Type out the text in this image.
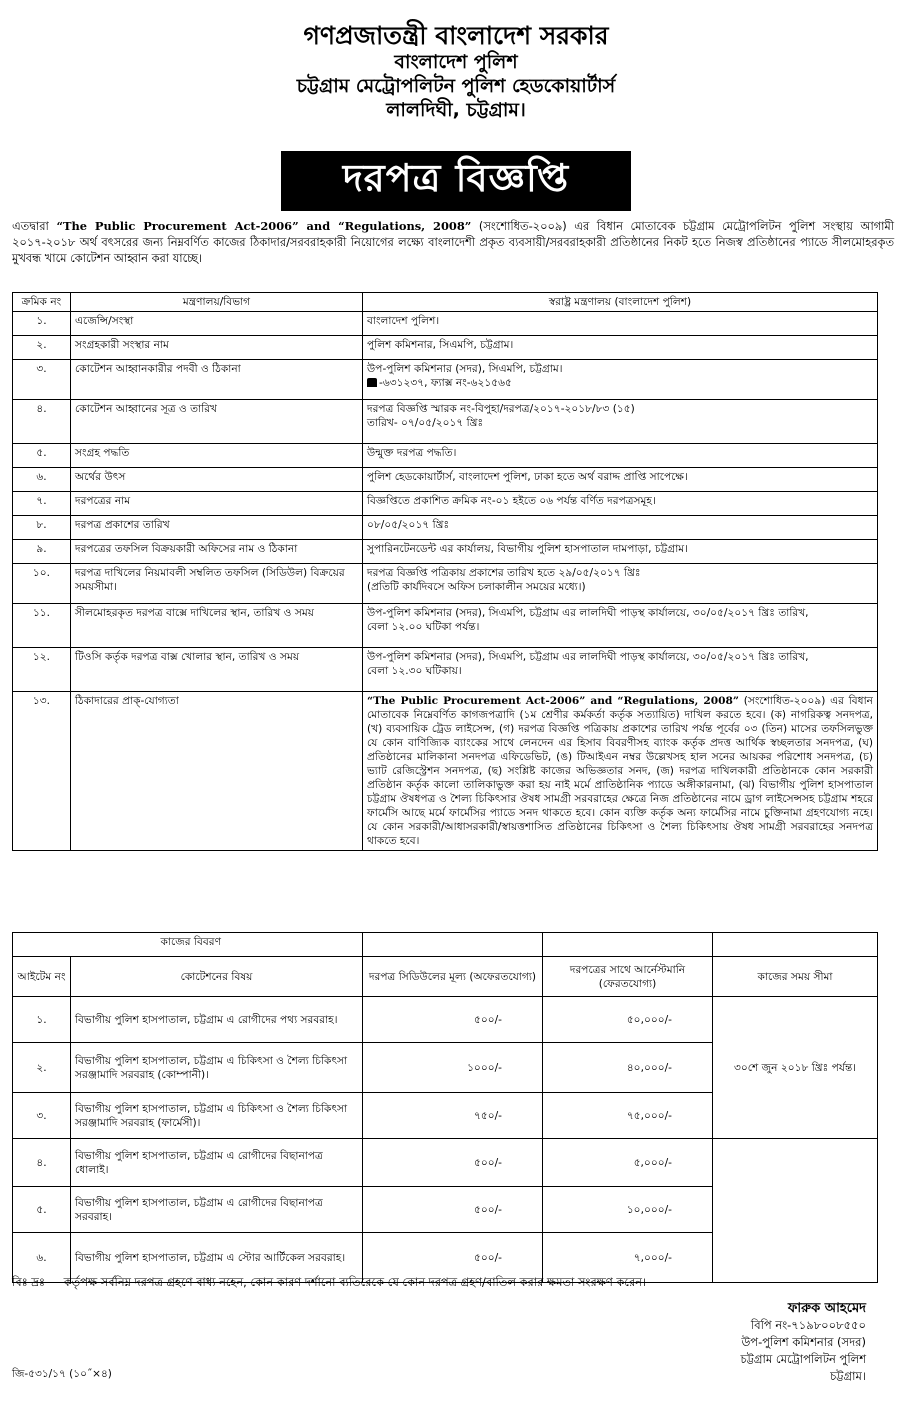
গণপ্রজাতন্ত্রী বাংলাদেশ সরকার
বাংলাদেশ পুলিশ
চট্টগ্রাম মেট্রোপলিটন পুলিশ হেডকোয়ার্টার্স
লালদিঘী, চট্টগ্রাম।
দরপত্র বিজ্ঞপ্তি
এতদ্বারা “The Public Procurement Act-2006” and “Regulations, 2008” (সংশোধিত-২০০৯) এর বিধান মোতাবেক চট্টগ্রাম মেট্রোপলিটন পুলিশ সংস্থায় আগামী ২০১৭-২০১৮ অর্থ বৎসরের জন্য নিম্নবর্ণিত কাজের ঠিকাদার/সরবরাহকারী নিয়োগের লক্ষ্যে বাংলাদেশী প্রকৃত ব্যবসায়ী/সরবরাহকারী প্রতিষ্ঠানের নিকট হতে নিজস্ব প্রতিষ্ঠানের প্যাডে সীলমোহরকৃত মুখবন্ধ খামে কোটেশন আহ্বান করা যাচ্ছে।
ক্রমিক নং	মন্ত্রণালয়/বিভাগ	স্বরাষ্ট্র মন্ত্রণালয় (বাংলাদেশ পুলিশ)
১.	এজেন্সি/সংস্থা	বাংলাদেশ পুলিশ।
২.	সংগ্রহকারী সংস্থার নাম	পুলিশ কমিশনার, সিএমপি, চট্টগ্রাম।
৩.	কোটেশন আহ্বানকারীর পদবী ও ঠিকানা	উপ-পুলিশ কমিশনার (সদর), সিএমপি, চট্টগ্রাম।
-৬৩১২৩৭, ফ্যাক্স নং-৬২১৫৬৫

৪.	কোটেশন আহ্বানের সূত্র ও তারিখ	দরপত্র বিজ্ঞপ্তি স্মারক নং-বিপুহা/দরপত্র/২০১৭-২০১৮/৮৩ (১৫)
তারিখ- ০৭/০৫/২০১৭ খ্রিঃ

৫.	সংগ্রহ পদ্ধতি	উন্মুক্ত দরপত্র পদ্ধতি।
৬.	অর্থের উৎস	পুলিশ হেডকোয়ার্টার্স, বাংলাদেশ পুলিশ, ঢাকা হতে অর্থ বরাদ্দ প্রাপ্তি সাপেক্ষে।
৭.	দরপত্রের নাম	বিজ্ঞপ্তিতে প্রকাশিত ক্রমিক নং-০১ হইতে ০৬ পর্যন্ত বর্ণিত দরপত্রসমূহ।
৮.	দরপত্র প্রকাশের তারিখ	০৮/০৫/২০১৭ খ্রিঃ
৯.	দরপত্রের তফসিল বিক্রয়কারী অফিসের নাম ও ঠিকানা	সুপারিনটেনডেন্ট এর কার্যালয়, বিভাগীয় পুলিশ হাসপাতাল দামপাড়া, চট্টগ্রাম।
১০.	দরপত্র দাখিলের নিয়মাবলী সম্বলিত তফসিল (সিডিউল) বিক্রয়ের সময়সীমা।	দরপত্র বিজ্ঞপ্তি পত্রিকায় প্রকাশের তারিখ হতে ২৯/০৫/২০১৭ খ্রিঃ
(প্রতিটি কার্যদিবসে অফিস চলাকালীন সময়ের মধ্যে।)

১১.	সীলমোহরকৃত দরপত্র বাক্সে দাখিলের স্থান, তারিখ ও সময়	উপ-পুলিশ কমিশনার (সদর), সিএমপি, চট্টগ্রাম এর লালদিঘী পাড়স্থ কার্যালয়ে, ৩০/০৫/২০১৭ খ্রিঃ তারিখ,
বেলা ১২.০০ ঘটিকা পর্যন্ত।

১২.	টিওসি কর্তৃক দরপত্র বাক্স খোলার স্থান, তারিখ ও সময়	উপ-পুলিশ কমিশনার (সদর), সিএমপি, চট্টগ্রাম এর লালদিঘী পাড়স্থ কার্যালয়ে, ৩০/০৫/২০১৭ খ্রিঃ তারিখ,
বেলা ১২.৩০ ঘটিকায়।

১৩.	ঠিকাদারের প্রাক্-যোগ্যতা	“The Public Procurement Act-2006” and “Regulations, 2008” (সংশোধিত-২০০৯) এর বিধান মোতাবেক নিম্নেবর্ণিত কাগজপত্রাদি (১ম শ্রেণীর কর্মকর্তা কর্তৃক সত্যায়িত) দাখিল করতে হবে। (ক) নাগরিকত্ব সনদপত্র, (খ) ব্যবসায়িক ট্রেড লাইসেন্স, (গ) দরপত্র বিজ্ঞপ্তি পত্রিকায় প্রকাশের তারিখ পর্যন্ত পূর্বের ০৩ (তিন) মাসের তফসিলভুক্ত যে কোন বাণিজ্যিক ব্যাংকের সাথে লেনদেন এর হিসাব বিবরণীসহ ব্যাংক কর্তৃক প্রদত্ত আর্থিক স্বচ্ছলতার সনদপত্র, (ঘ) প্রতিষ্ঠানের মালিকানা সনদপত্র এফিডেভিট, (ঙ) টিআইএন নম্বর উল্লেখসহ হাল সনের আয়কর পরিশোধ সনদপত্র, (চ) ভ্যাট রেজিস্ট্রেশন সনদপত্র, (ছ) সংশ্লিষ্ট কাজের অভিজ্ঞতার সনদ, (জ) দরপত্র দাখিলকারী প্রতিষ্ঠানকে কোন সরকারী প্রতিষ্ঠান কর্তৃক কালো তালিকাভুক্ত করা হয় নাই মর্মে প্রাতিষ্ঠানিক প্যাডে অঙ্গীকারনামা, (ঝ) বিভাগীয় পুলিশ হাসপাতাল চট্টগ্রাম ঔষধপত্র ও শৈল্য চিকিৎসার ঔষধ সামগ্রী সরবরাহের ক্ষেত্রে নিজ প্রতিষ্ঠানের নামে ড্রাগ লাইসেন্সসহ চট্টগ্রাম শহরে ফার্মেসি আছে মর্মে ফার্মেসির প্যাডে সনদ থাকতে হবে। কোন ব্যক্তি কর্তৃক অন্য ফার্মেসির নামে চুক্তিনামা গ্রহণযোগ্য নহে। যে কোন সরকারী/আধাসরকারী/স্বায়ত্তশাসিত প্রতিষ্ঠানের চিকিৎসা ও শৈল্য চিকিৎসায় ঔষধ সামগ্রী সরবরাহের সনদপত্র থাকতে হবে।
	কাজের বিবরণ			
আইটেম নং	কোটেশনের বিষয়	দরপত্র সিডিউলের মূল্য (অফেরতযোগ্য)	দরপত্রের সাথে আর্নেস্টমানি (ফেরতযোগ্য)	কাজের সময় সীমা
১.	বিভাগীয় পুলিশ হাসপাতাল, চট্টগ্রাম এ রোগীদের পথ্য সরবরাহ।	৫০০/-	৫০,০০০/-	৩০শে জুন ২০১৮ খ্রিঃ পর্যন্ত।
২.	বিভাগীয় পুলিশ হাসপাতাল, চট্টগ্রাম এ চিকিৎসা ও শৈল্য চিকিৎসা সরঞ্জামাদি সরবরাহ (কোম্পানী)।	১০০০/-	৪০,০০০/-	
৩.	বিভাগীয় পুলিশ হাসপাতাল, চট্টগ্রাম এ চিকিৎসা ও শৈল্য চিকিৎসা সরঞ্জামাদি সরবরাহ (ফার্মেসী)।	৭৫০/-	৭৫,০০০/-	
৪.	বিভাগীয় পুলিশ হাসপাতাল, চট্টগ্রাম এ রোগীদের বিছানাপত্র ধোলাই।	৫০০/-	৫,০০০/-	
৫.	বিভাগীয় পুলিশ হাসপাতাল, চট্টগ্রাম এ রোগীদের বিছানাপত্র সরবরাহ।	৫০০/-	১০,০০০/-	
৬.	বিভাগীয় পুলিশ হাসপাতাল, চট্টগ্রাম এ স্টোর আর্টিকেল সরবরাহ।	৫০০/-	৭,০০০/-	
বিঃ দ্রঃ — কর্তৃপক্ষ সর্বনিম্ন দরপত্র গ্রহণে বাধ্য নহেন, কোন কারণ দর্শানো ব্যতিরেকে যে কোন দরপত্র গ্রহণ/বাতিল করার ক্ষমতা সংরক্ষণ করেন।
ফারুক আহমেদ
বিপি নং-৭১৯৮০০৮৫৫০
উপ-পুলিশ কমিশনার (সদর)
চট্টগ্রাম মেট্রোপলিটন পুলিশ
চট্টগ্রাম।
জি-৫৩১/১৭ (১০˝×৪)
